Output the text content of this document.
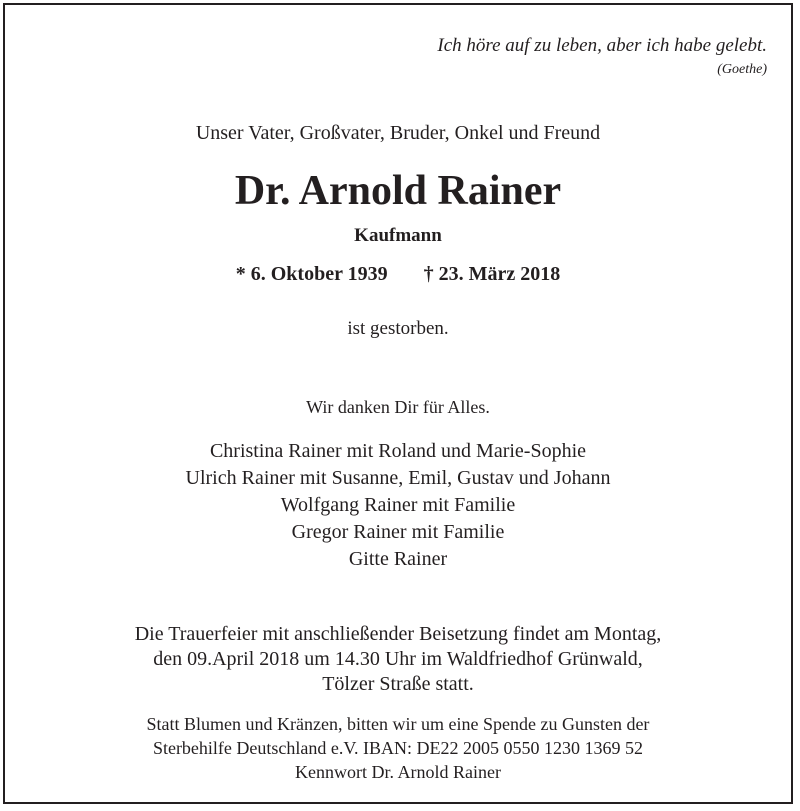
Ich höre auf zu leben, aber ich habe gelebt.
(Goethe)
Unser Vater, Großvater, Bruder, Onkel und Freund
Dr. Arnold Rainer
Kaufmann
* 6. Oktober 1939 † 23. März 2018
ist gestorben.
Wir danken Dir für Alles.
Christina Rainer mit Roland und Marie-Sophie
Ulrich Rainer mit Susanne, Emil, Gustav und Johann
Wolfgang Rainer mit Familie
Gregor Rainer mit Familie
Gitte Rainer
Die Trauerfeier mit anschließender Beisetzung findet am Montag,
den 09.April 2018 um 14.30 Uhr im Waldfriedhof Grünwald,
Tölzer Straße statt.
Statt Blumen und Kränzen, bitten wir um eine Spende zu Gunsten der
Sterbehilfe Deutschland e.V. IBAN: DE22 2005 0550 1230 1369 52
Kennwort Dr. Arnold Rainer
